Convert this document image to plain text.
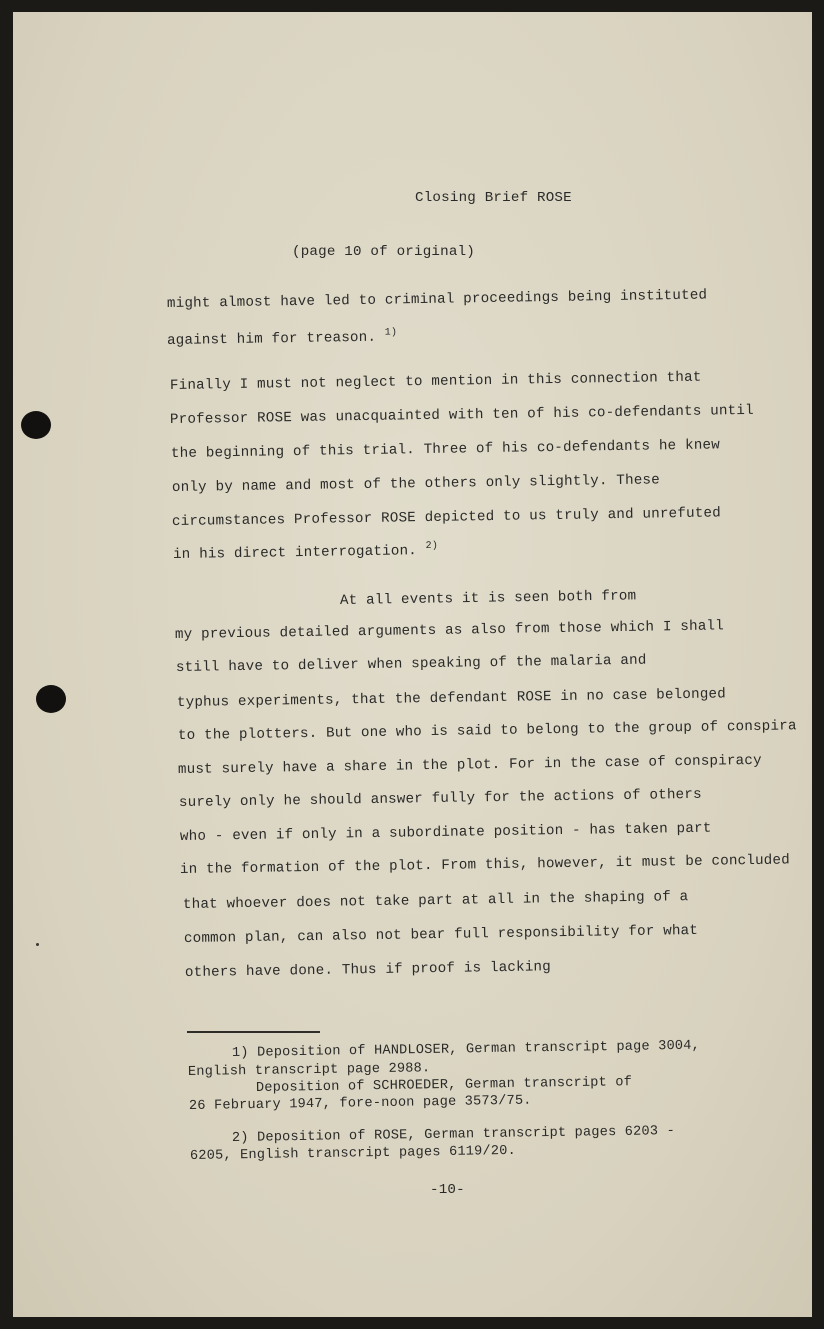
Closing Brief ROSE
(page 10 of original)
might almost have led to criminal proceedings being instituted
against him for treason. $^{1)}$
Finally I must not neglect to mention in this connection that
Professor ROSE was unacquainted with ten of his co-defendants until
the beginning of this trial. Three of his co-defendants he knew
only by name and most of the others only slightly. These
circumstances Professor ROSE depicted to us truly and unrefuted
in his direct interrogation. $^{2)}$
At all events it is seen both from
my previous detailed arguments as also from those which I shall
still have to deliver when speaking of the malaria and
typhus experiments, that the defendant ROSE in no case belonged
to the plotters. But one who is said to belong to the group of conspira
must surely have a share in the plot. For in the case of conspiracy
surely only he should answer fully for the actions of others
who - even if only in a subordinate position - has taken part
in the formation of the plot. From this, however, it must be concluded
that whoever does not take part at all in the shaping of a
common plan, can also not bear full responsibility for what
others have done. Thus if proof is lacking
1) Deposition of HANDLOSER, German transcript page 3004,
English transcript page 2988.
Deposition of SCHROEDER, German transcript of
26 February 1947, fore-noon page 3573/75.
2) Deposition of ROSE, German transcript pages 6203 -
6205, English transcript pages 6119/20.
-10-
